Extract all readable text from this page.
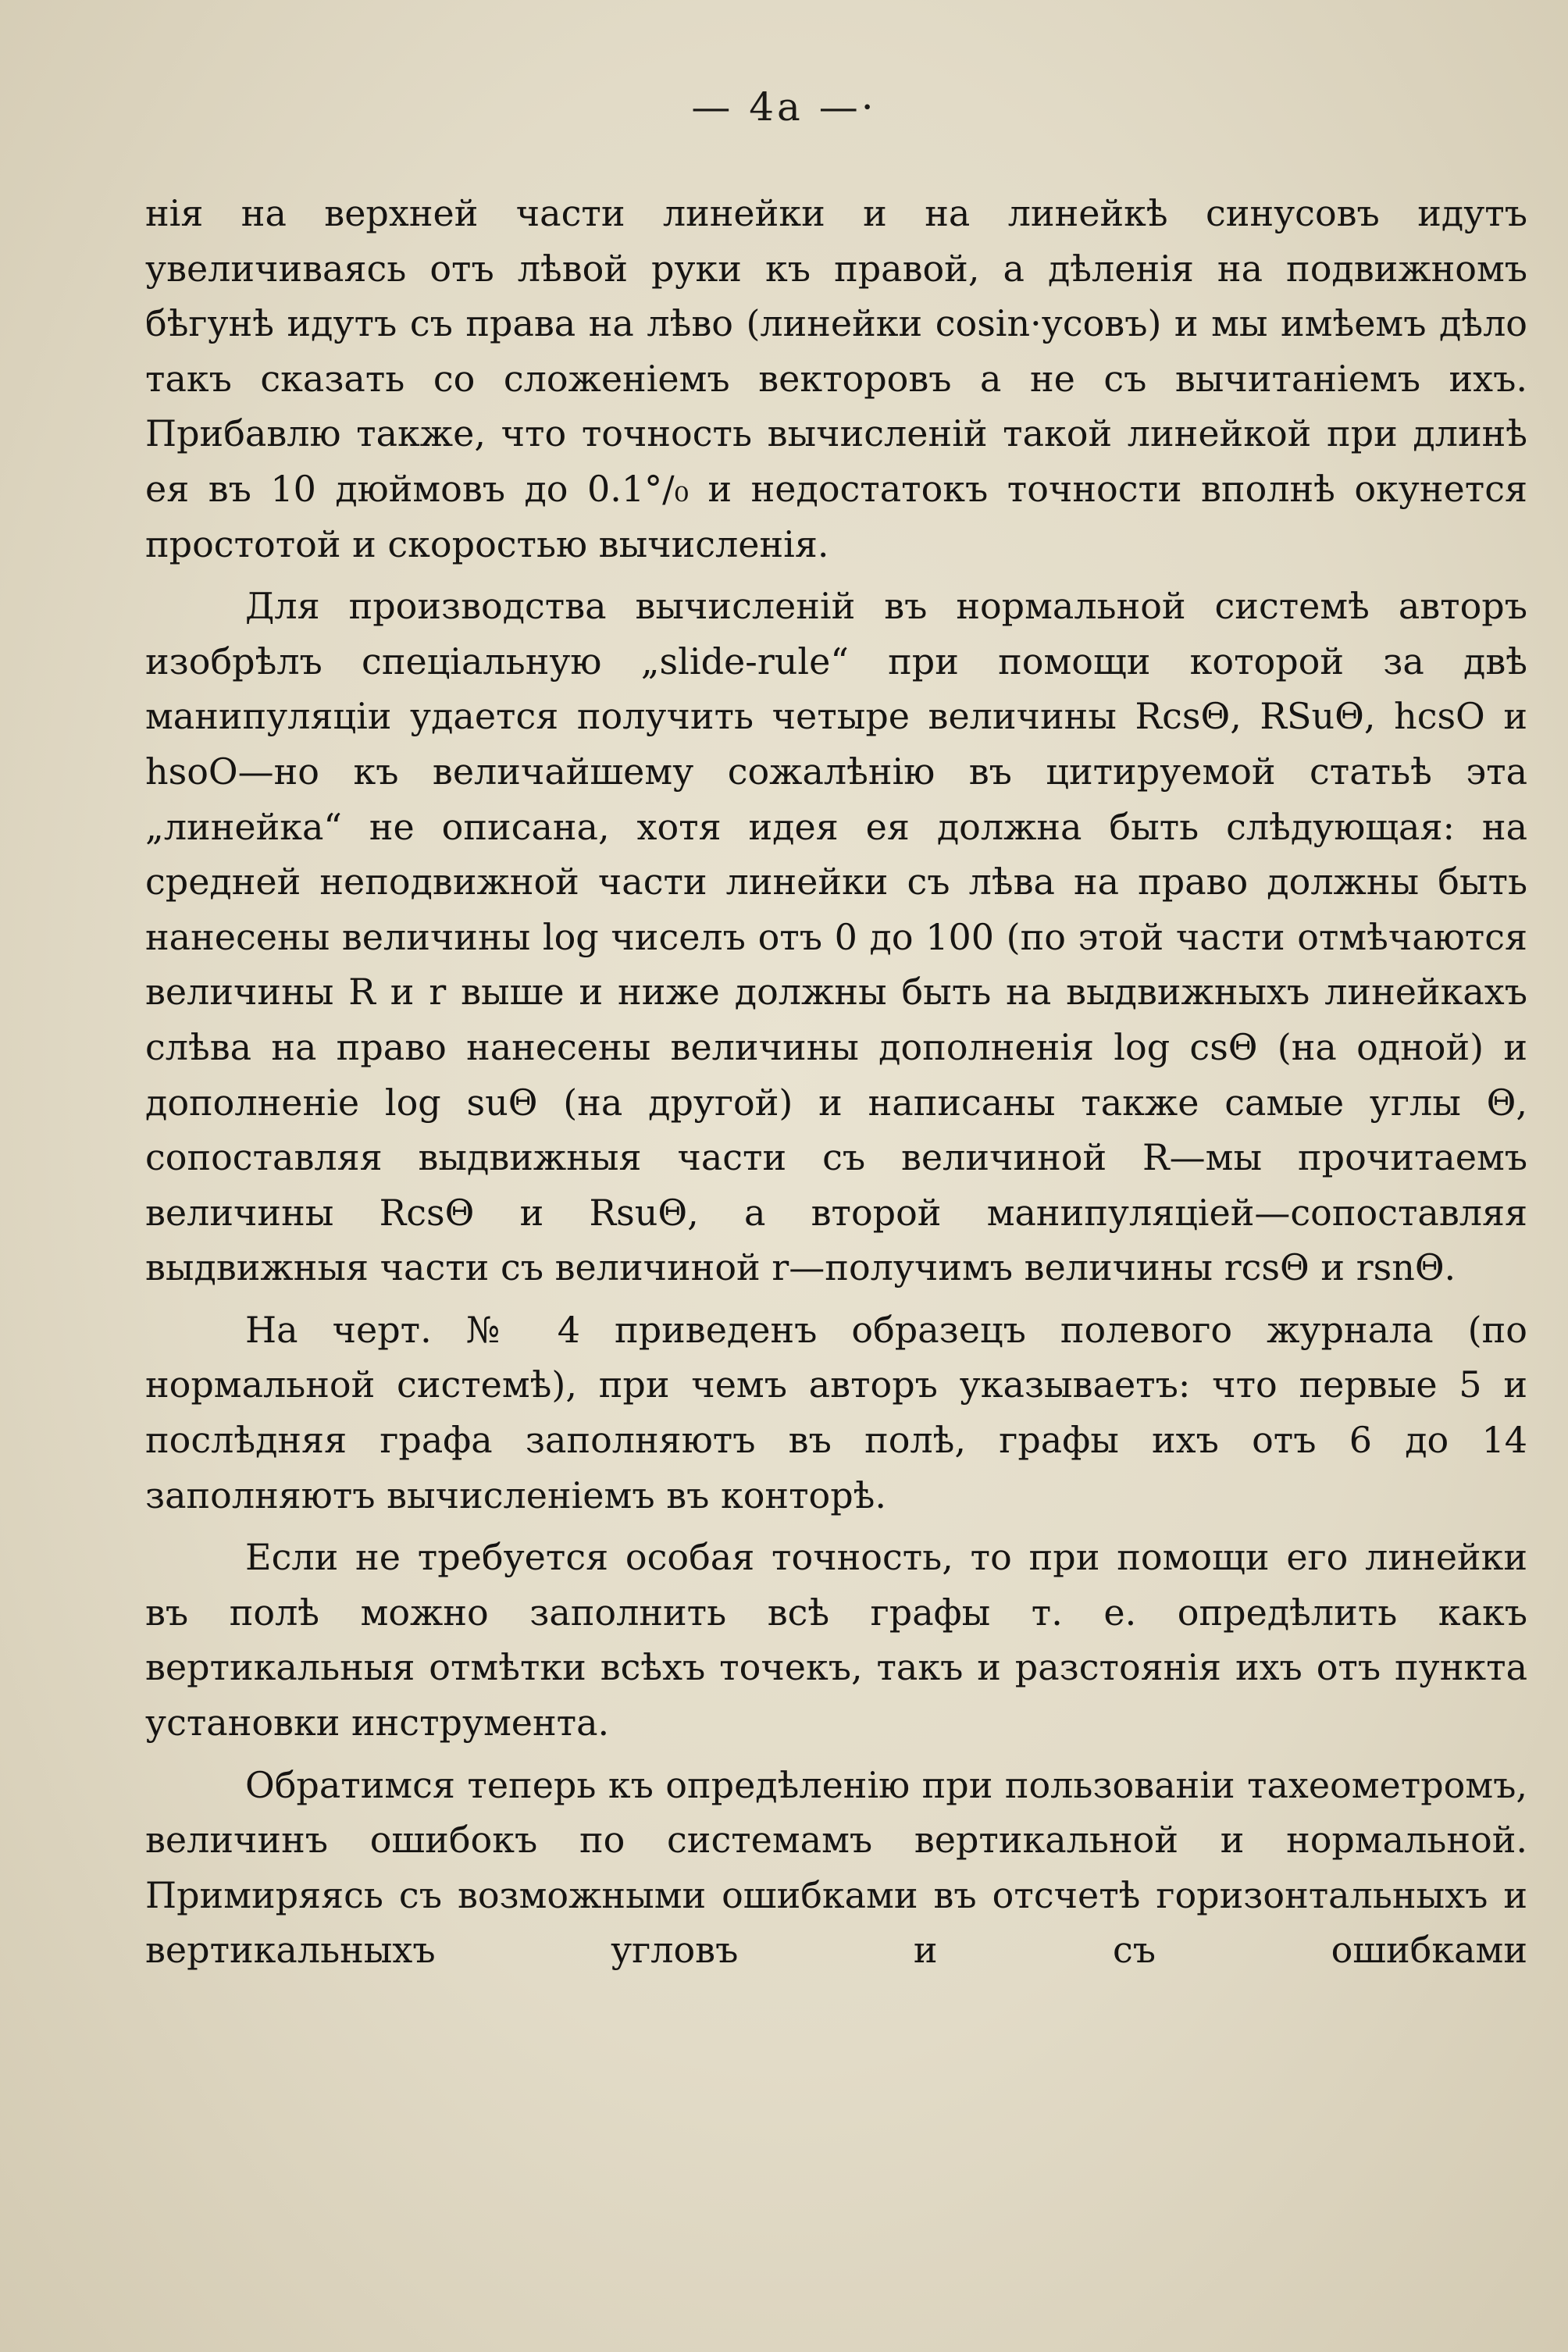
— 4a —·

нія на верхней части линейки и на линейкѣ синусовъ идутъ увеличиваясь отъ лѣвой руки къ правой, а дѣленія на подвижномъ бѣгунѣ идутъ съ права на лѣво (линейки cosin·усовъ) и мы имѣемъ дѣло такъ сказать со сложеніемъ векторовъ а не съ вычитаніемъ ихъ. Прибавлю также, что точность вычисленій такой линейкой при длинѣ ея въ 10 дюймовъ до 0.1°/₀ и недостатокъ точности вполнѣ окунется простотой и скоростью вычисленія.

Для производства вычисленій въ нормальной системѣ авторъ изобрѣлъ спеціальную „slide-rule“ при помощи которой за двѣ манипуляціи удается получить четыре величины RcsΘ, RSuΘ, hcsO и hsoO—но къ величайшему сожалѣнію въ цитируемой статьѣ эта „линейка“ не описана, хотя идея ея должна быть слѣдующая: на средней неподвижной части линейки съ лѣва на право должны быть нанесены величины log чиселъ отъ 0 до 100 (по этой части отмѣчаются величины R и r выше и ниже должны быть на выдвижныхъ линейкахъ слѣва на право нанесены величины дополненія log csΘ (на одной) и дополненіе log suΘ (на другой) и написаны также самые углы Θ, сопоставляя выдвижныя части съ величиной R—мы прочитаемъ величины RcsΘ и RsuΘ, а второй манипуляціей—сопоставляя выдвижныя части съ величиной r—получимъ величины rcsΘ и rsnΘ.

На черт. № 4 приведенъ образецъ полевого журнала (по нормальной системѣ), при чемъ авторъ указываетъ: что первые 5 и послѣдняя графа заполняютъ въ полѣ, графы ихъ отъ 6 до 14 заполняютъ вычисленіемъ въ конторѣ.

Если не требуется особая точность, то при помощи его линейки въ полѣ можно заполнить всѣ графы т. е. опредѣлить какъ вертикальныя отмѣтки всѣхъ точекъ, такъ и разстоянія ихъ отъ пункта установки инструмента.

Обратимся теперь къ опредѣленію при пользованіи тахеометромъ, величинъ ошибокъ по системамъ вертикальной и нормальной. Примиряясь съ возможными ошибками въ отсчетѣ горизонтальныхъ и вертикальныхъ угловъ и съ ошибками
